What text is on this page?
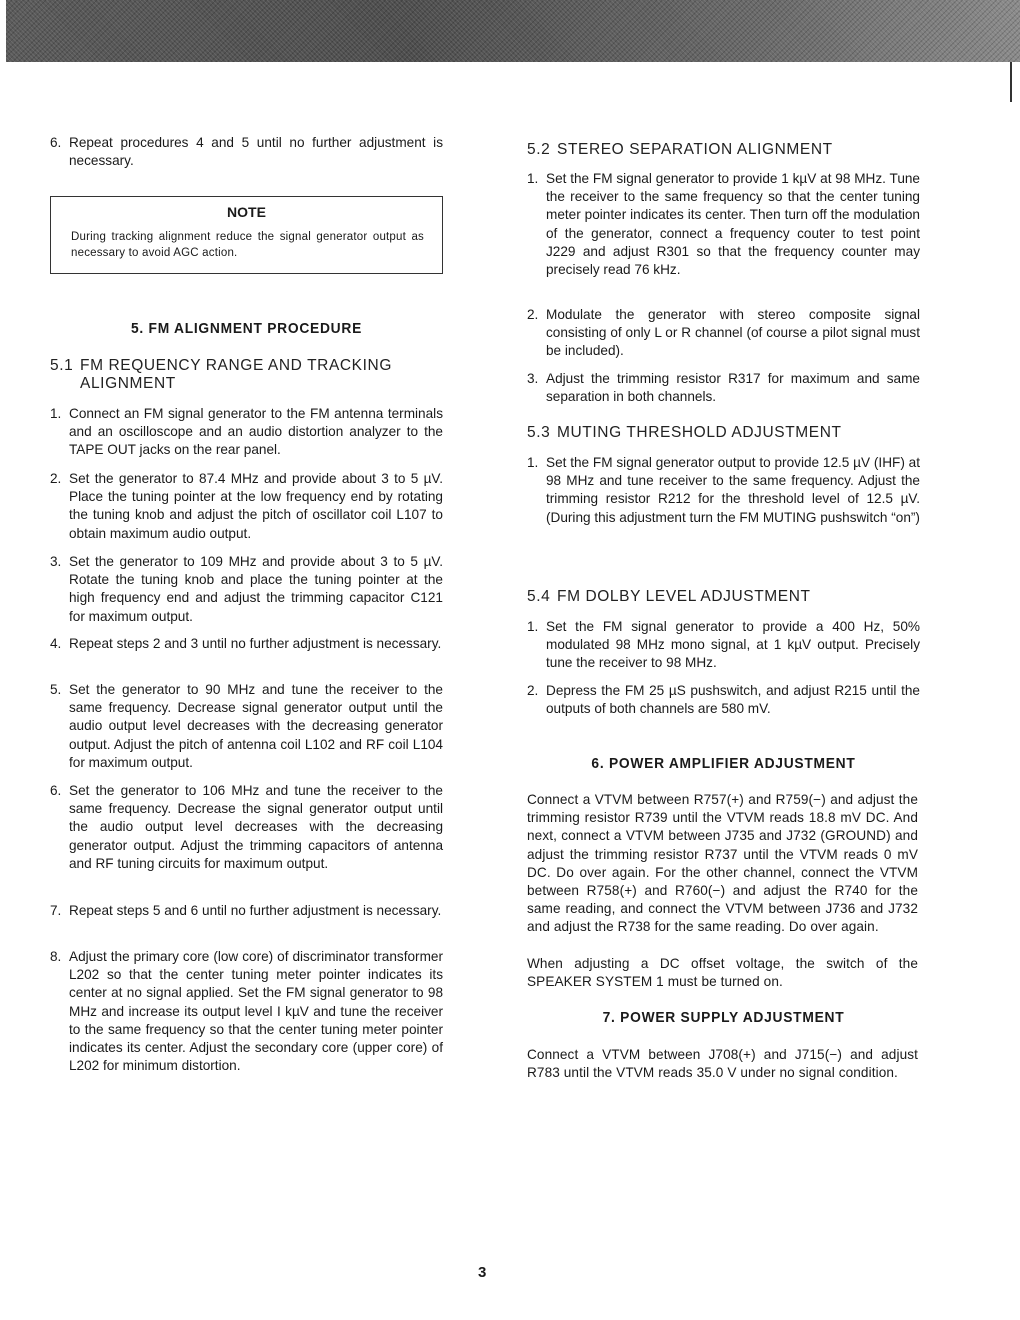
6. Repeat procedures 4 and 5 until no further adjustment is necessary.
NOTE
During tracking alignment reduce the signal generator output as necessary to avoid AGC action.
5. FM ALIGNMENT PROCEDURE
5.1 FM REQUENCY RANGE AND TRACKING
ALIGNMENT
1. Connect an FM signal generator to the FM antenna terminals and an oscilloscope and an audio distortion analyzer to the TAPE OUT jacks on the rear panel.
2. Set the generator to 87.4 MHz and provide about 3 to 5 µV. Place the tuning pointer at the low frequency end by rotating the tuning knob and adjust the pitch of oscillator coil L107 to obtain maximum audio output.
3. Set the generator to 109 MHz and provide about 3 to 5 µV. Rotate the tuning knob and place the tuning pointer at the high frequency end and adjust the trimming capacitor C121 for maximum output.
4. Repeat steps 2 and 3 until no further adjustment is necessary.
5. Set the generator to 90 MHz and tune the receiver to the same frequency. Decrease signal generator output until the audio output level decreases with the decreasing generator output. Adjust the pitch of antenna coil L102 and RF coil L104 for maximum output.
6. Set the generator to 106 MHz and tune the receiver to the same frequency. Decrease the signal generator output until the audio output level decreases with the decreasing generator output. Adjust the trimming capacitors of antenna and RF tuning circuits for maximum output.
7. Repeat steps 5 and 6 until no further adjustment is necessary.
8. Adjust the primary core (low core) of discriminator transformer L202 so that the center tuning meter pointer indicates its center at no signal applied. Set the FM signal generator to 98 MHz and increase its output level I kµV and tune the receiver to the same frequency so that the center tuning meter pointer indicates its center. Adjust the secondary core (upper core) of L202 for minimum distortion.
5.2 STEREO SEPARATION ALIGNMENT
1. Set the FM signal generator to provide 1 kµV at 98 MHz. Tune the receiver to the same frequency so that the center tuning meter pointer indicates its center. Then turn off the modulation of the generator, connect a frequency couter to test point J229 and adjust R301 so that the frequency counter may precisely read 76 kHz.
2. Modulate the generator with stereo composite signal consisting of only L or R channel (of course a pilot signal must be included).
3. Adjust the trimming resistor R317 for maximum and same separation in both channels.
5.3 MUTING THRESHOLD ADJUSTMENT
1. Set the FM signal generator output to provide 12.5 µV (IHF) at 98 MHz and tune receiver to the same frequency. Adjust the trimming resistor R212 for the threshold level of 12.5 µV. (During this adjustment turn the FM MUTING pushswitch “on”)
5.4 FM DOLBY LEVEL ADJUSTMENT
1. Set the FM signal generator to provide a 400 Hz, 50% modulated 98 MHz mono signal, at 1 kµV output. Precisely tune the receiver to 98 MHz.
2. Depress the FM 25 µS pushswitch, and adjust R215 until the outputs of both channels are 580 mV.
6. POWER AMPLIFIER ADJUSTMENT
Connect a VTVM between R757(+) and R759(−) and adjust the trimming resistor R739 until the VTVM reads 18.8 mV DC. And next, connect a VTVM between J735 and J732 (GROUND) and adjust the trimming resistor R737 until the VTVM reads 0 mV DC. Do over again. For the other channel, connect the VTVM between R758(+) and R760(−) and adjust the R740 for the same reading, and connect the VTVM between J736 and J732 and adjust the R738 for the same reading. Do over again.
When adjusting a DC offset voltage, the switch of the SPEAKER SYSTEM 1 must be turned on.
7. POWER SUPPLY ADJUSTMENT
Connect a VTVM between J708(+) and J715(−) and adjust R783 until the VTVM reads 35.0 V under no signal condition.
3
